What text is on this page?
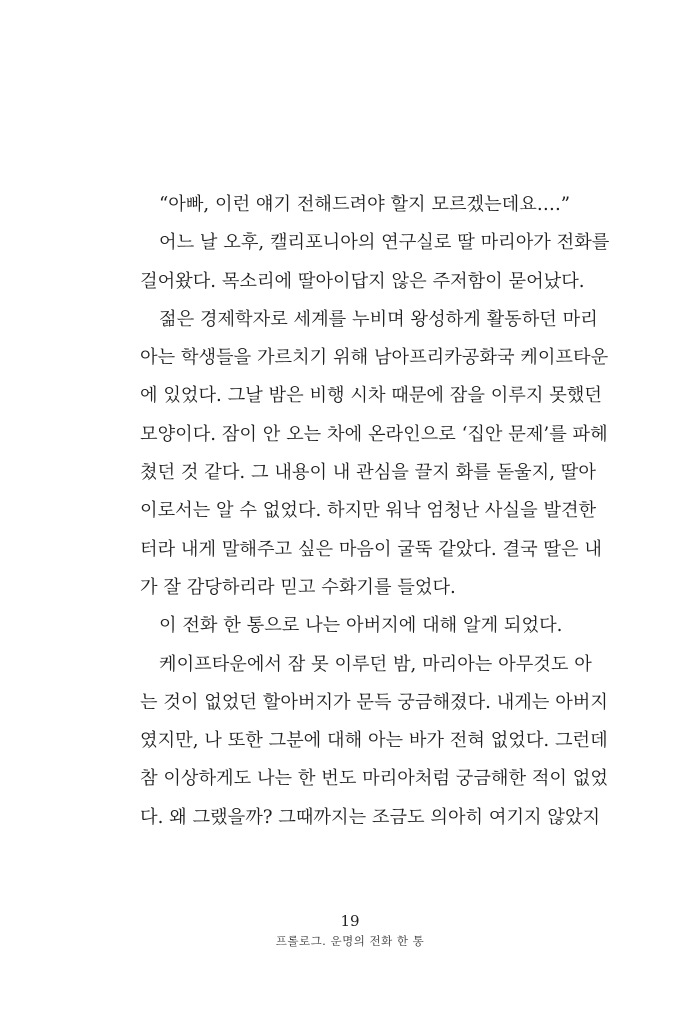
“아빠, 이런 얘기 전해드려야 할지 모르겠는데요….”
어느 날 오후, 캘리포니아의 연구실로 딸 마리아가 전화를
걸어왔다. 목소리에 딸아이답지 않은 주저함이 묻어났다.
젊은 경제학자로 세계를 누비며 왕성하게 활동하던 마리
아는 학생들을 가르치기 위해 남아프리카공화국 케이프타운
에 있었다. 그날 밤은 비행 시차 때문에 잠을 이루지 못했던
모양이다. 잠이 안 오는 차에 온라인으로 ‘집안 문제’를 파헤
쳤던 것 같다. 그 내용이 내 관심을 끌지 화를 돋울지, 딸아
이로서는 알 수 없었다. 하지만 워낙 엄청난 사실을 발견한
터라 내게 말해주고 싶은 마음이 굴뚝 같았다. 결국 딸은 내
가 잘 감당하리라 믿고 수화기를 들었다.
이 전화 한 통으로 나는 아버지에 대해 알게 되었다.
케이프타운에서 잠 못 이루던 밤, 마리아는 아무것도 아
는 것이 없었던 할아버지가 문득 궁금해졌다. 내게는 아버지
였지만, 나 또한 그분에 대해 아는 바가 전혀 없었다. 그런데
참 이상하게도 나는 한 번도 마리아처럼 궁금해한 적이 없었
다. 왜 그랬을까? 그때까지는 조금도 의아히 여기지 않았지
19
프롤로그. 운명의 전화 한 통
